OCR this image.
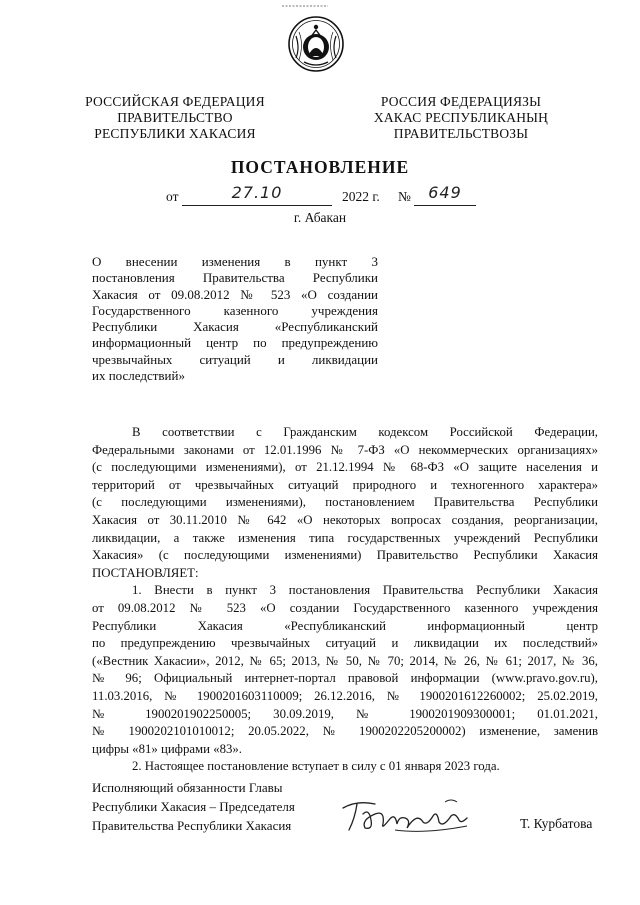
РОССИЙСКАЯ ФЕДЕРАЦИЯ
ПРАВИТЕЛЬСТВО
РЕСПУБЛИКИ ХАКАСИЯ
РОССИЯ ФЕДЕРАЦИЯЗЫ
ХАКАС РЕСПУБЛИКАНЫҢ
ПРАВИТЕЛЬСТВОЗЫ
ПОСТАНОВЛЕНИЕ
от	27.10	2022 г. №	649
г. Абакан
О внесении изменения в пункт 3
постановления Правительства Республики
Хакасия от 09.08.2012 № 523 «О создании
Государственного казенного учреждения
Республики Хакасия «Республиканский
информационный центр по предупреждению
чрезвычайных ситуаций и ликвидации
их последствий»
В соответствии с Гражданским кодексом Российской Федерации,
Федеральными законами от 12.01.1996 № 7-ФЗ «О некоммерческих организациях»
(с последующими изменениями), от 21.12.1994 № 68-ФЗ «О защите населения и
территорий от чрезвычайных ситуаций природного и техногенного характера»
(с последующими изменениями), постановлением Правительства Республики
Хакасия от 30.11.2010 № 642 «О некоторых вопросах создания, реорганизации,
ликвидации, а также изменения типа государственных учреждений Республики
Хакасия» (с последующими изменениями) Правительство Республики Хакасия
ПОСТАНОВЛЯЕТ:
1. Внести в пункт 3 постановления Правительства Республики Хакасия
от 09.08.2012 № 523 «О создании Государственного казенного учреждения
Республики Хакасия «Республиканский информационный центр
по предупреждению чрезвычайных ситуаций и ликвидации их последствий»
(«Вестник Хакасии», 2012, № 65; 2013, № 50, № 70; 2014, № 26, № 61; 2017, № 36,
№ 96; Официальный интернет-портал правовой информации (www.pravo.gov.ru),
11.03.2016, № 1900201603110009; 26.12.2016, № 1900201612260002; 25.02.2019,
№ 1900201902250005; 30.09.2019, № 1900201909300001; 01.01.2021,
№ 1900202101010012; 20.05.2022, № 1900202205200002) изменение, заменив
цифры «81» цифрами «83».
2. Настоящее постановление вступает в силу с 01 января 2023 года.
Исполняющий обязанности Главы
Республики Хакасия – Председателя
Правительства Республики Хакасия	Т. Курбатова
